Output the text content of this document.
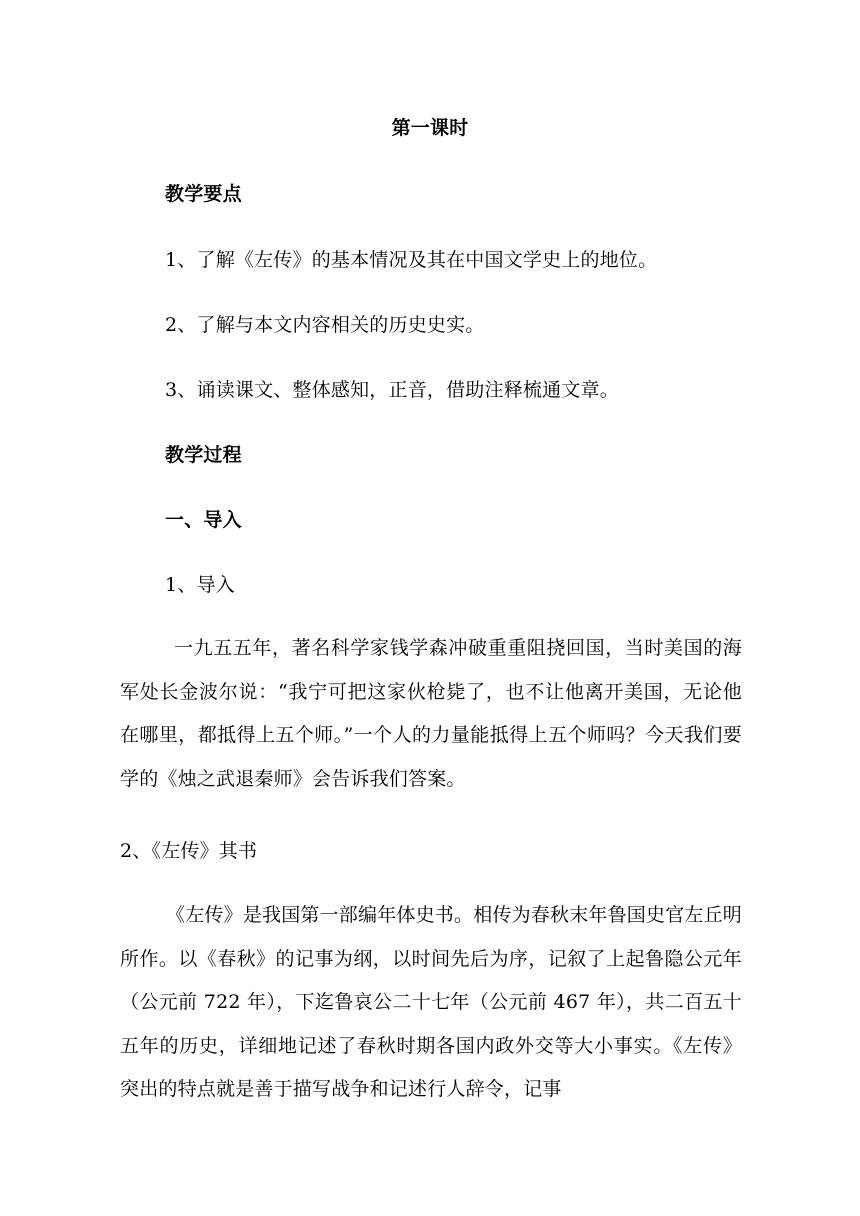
第一课时
教学要点
1、了解《左传》的基本情况及其在中国文学史上的地位。
2、了解与本文内容相关的历史史实。
3、诵读课文、整体感知，正音，借助注释梳通文章。
教学过程
一、导入
1、导入
一九五五年，著名科学家钱学森冲破重重阻挠回国，当时美国的海军处长金波尔说：“我宁可把这家伙枪毙了，也不让他离开美国，无论他在哪里，都抵得上五个师。”一个人的力量能抵得上五个师吗？今天我们要学的《烛之武退秦师》会告诉我们答案。
2、《左传》其书
《左传》是我国第一部编年体史书。相传为春秋末年鲁国史官左丘明所作。以《春秋》的记事为纲，以时间先后为序，记叙了上起鲁隐公元年（公元前 722 年），下迄鲁哀公二十七年（公元前 467 年），共二百五十五年的历史，详细地记述了春秋时期各国内政外交等大小事实。《左传》突出的特点就是善于描写战争和记述行人辞令，记事
